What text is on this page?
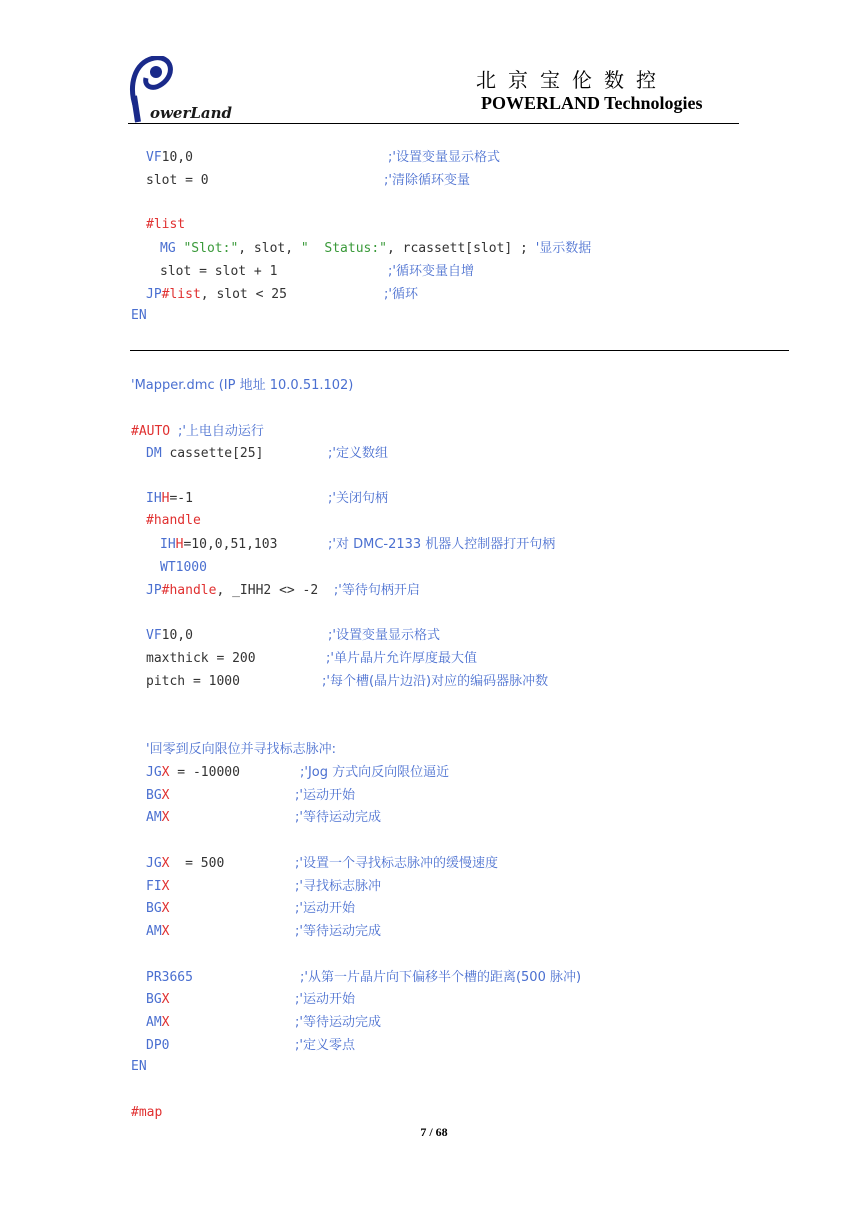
owerLand
北京宝伦数控
POWERLAND Technologies
VF10,0	;'设置变量显示格式
slot = 0	;'清除循环变量
#list
MG "Slot:", slot, "  Status:", rcassett[slot] ; '显示数据
slot = slot + 1	;'循环变量自增
JP#list, slot < 25	;'循环
EN
'Mapper.dmc (IP 地址 10.0.51.102)
#AUTO ;'上电自动运行
DM cassette[25]	;'定义数组
IHH=-1	;'关闭句柄
#handle
IHH=10,0,51,103	;'对 DMC-2133 机器人控制器打开句柄
WT1000
JP#handle, _IHH2 <> -2 ;'等待句柄开启
VF10,0	;'设置变量显示格式
maxthick = 200	;'单片晶片允许厚度最大值
pitch = 1000	;'每个槽(晶片边沿)对应的编码器脉冲数
'回零到反向限位并寻找标志脉冲:
JGX = -10000	;'Jog 方式向反向限位逼近
BGX	;'运动开始
AMX	;'等待运动完成
JGX  = 500	;'设置一个寻找标志脉冲的缓慢速度
FIX	;'寻找标志脉冲
BGX	;'运动开始
AMX	;'等待运动完成
PR3665	;'从第一片晶片向下偏移半个槽的距离(500 脉冲)
BGX	;'运动开始
AMX	;'等待运动完成
DP0	;'定义零点
EN
#map
7 / 68
